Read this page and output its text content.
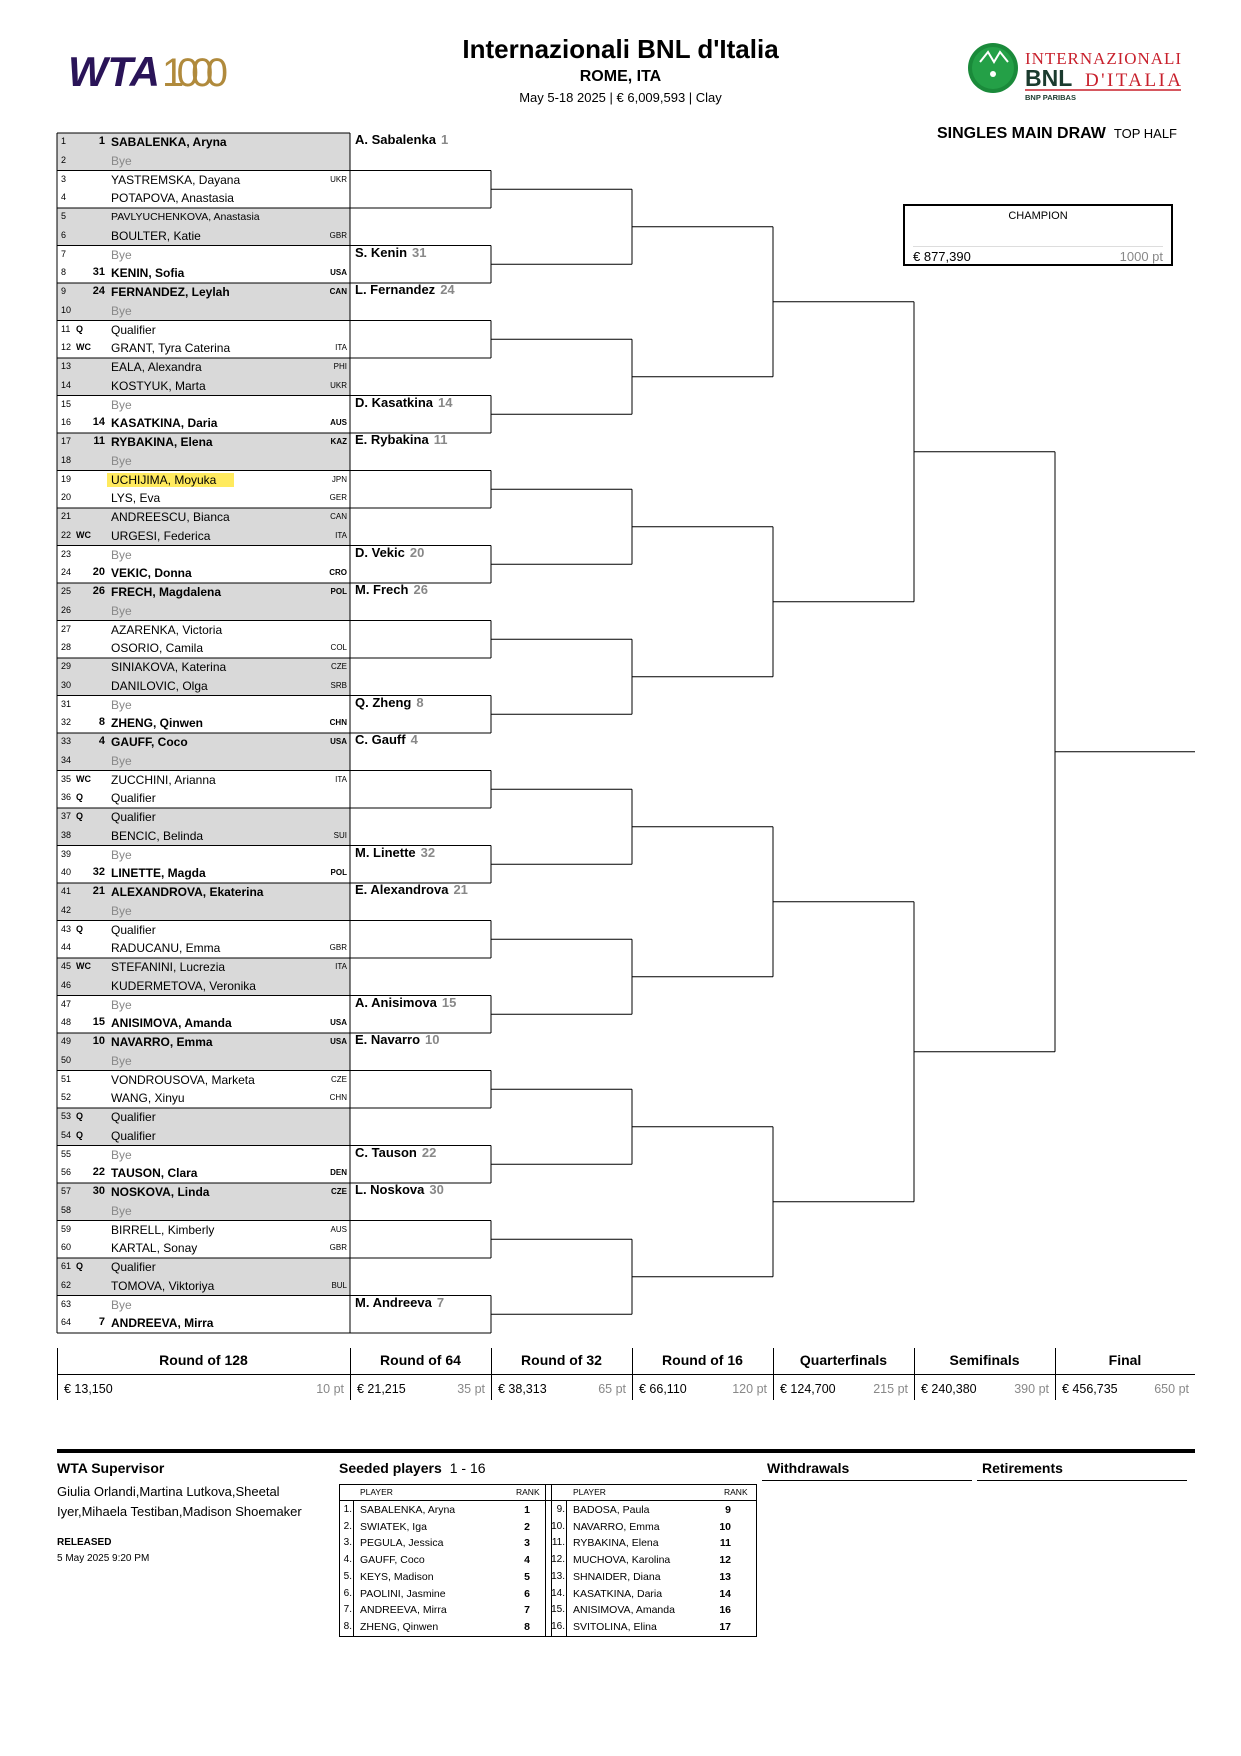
WTA 1000
Internazionali BNL d'Italia
ROME, ITA
May 5-18 2025 | € 6,009,593 | Clay
INTERNAZIONALI
BNL D'ITALIA
BNP PARIBAS
SINGLES MAIN DRAW TOP HALF
CHAMPION
€ 877,390	1000 pt
1	1 SABALENKA, Aryna
2	Bye
3	YASTREMSKA, Dayana	UKR
4	POTAPOVA, Anastasia
5	PAVLYUCHENKOVA, Anastasia
6	BOULTER, Katie	GBR
7	Bye
8	31 KENIN, Sofia	USA
9	24 FERNANDEZ, Leylah	CAN
10	Bye
11 Q Qualifier
12 WC GRANT, Tyra Caterina	ITA
13	EALA, Alexandra	PHI
14	KOSTYUK, Marta	UKR
15	Bye
16	14 KASATKINA, Daria	AUS
17	11 RYBAKINA, Elena	KAZ
18	Bye
19	UCHIJIMA, Moyuka	JPN
20	LYS, Eva	GER
21	ANDREESCU, Bianca	CAN
22 WC URGESI, Federica	ITA
23	Bye
24	20 VEKIC, Donna	CRO
25	26 FRECH, Magdalena	POL
26	Bye
27	AZARENKA, Victoria
28	OSORIO, Camila	COL
29	SINIAKOVA, Katerina	CZE
30	DANILOVIC, Olga	SRB
31	Bye
32	8 ZHENG, Qinwen	CHN
33	4 GAUFF, Coco	USA
34	Bye
35 WC ZUCCHINI, Arianna	ITA
36 Q Qualifier
37 Q Qualifier
38	BENCIC, Belinda	SUI
39	Bye
40	32 LINETTE, Magda	POL
41	21 ALEXANDROVA, Ekaterina
42	Bye
43 Q Qualifier
44	RADUCANU, Emma	GBR
45 WC STEFANINI, Lucrezia	ITA
46	KUDERMETOVA, Veronika
47	Bye
48	15 ANISIMOVA, Amanda	USA
49	10 NAVARRO, Emma	USA
50	Bye
51	VONDROUSOVA, Marketa	CZE
52	WANG, Xinyu	CHN
53 Q Qualifier
54 Q Qualifier
55	Bye
56	22 TAUSON, Clara	DEN
57	30 NOSKOVA, Linda	CZE
58	Bye
59	BIRRELL, Kimberly	AUS
60	KARTAL, Sonay	GBR
61 Q Qualifier
62	TOMOVA, Viktoriya	BUL
63	Bye
64	7 ANDREEVA, Mirra
A. Sabalenka 1
S. Kenin 31
L. Fernandez 24
D. Kasatkina 14
E. Rybakina 11
D. Vekic 20
M. Frech 26
Q. Zheng 8
C. Gauff 4
M. Linette 32
E. Alexandrova 21
A. Anisimova 15
E. Navarro 10
C. Tauson 22
L. Noskova 30
M. Andreeva 7
Round of 128
€ 13,150	10 pt
Round of 64
€ 21,215	35 pt
Round of 32
€ 38,313	65 pt
Round of 16
€ 66,110	120 pt
Quarterfinals
€ 124,700	215 pt
Semifinals
€ 240,380	390 pt
Final
€ 456,735	650 pt
WTA Supervisor
Giulia Orlandi,Martina Lutkova,Sheetal Iyer,Mihaela Testiban,Madison Shoemaker
RELEASED
5 May 2025 9:20 PM
Seeded players 1 - 16
PLAYER	RANK	PLAYER	RANK
1. SABALENKA, Aryna	1
2. SWIATEK, Iga	2
3. PEGULA, Jessica	3
4. GAUFF, Coco	4
5. KEYS, Madison	5
6. PAOLINI, Jasmine	6
7. ANDREEVA, Mirra	7
8. ZHENG, Qinwen	8
9. BADOSA, Paula	9
10. NAVARRO, Emma	10
11. RYBAKINA, Elena	11
12. MUCHOVA, Karolina	12
13. SHNAIDER, Diana	13
14. KASATKINA, Daria	14
15. ANISIMOVA, Amanda	16
16. SVITOLINA, Elina	17
Withdrawals	Retirements
